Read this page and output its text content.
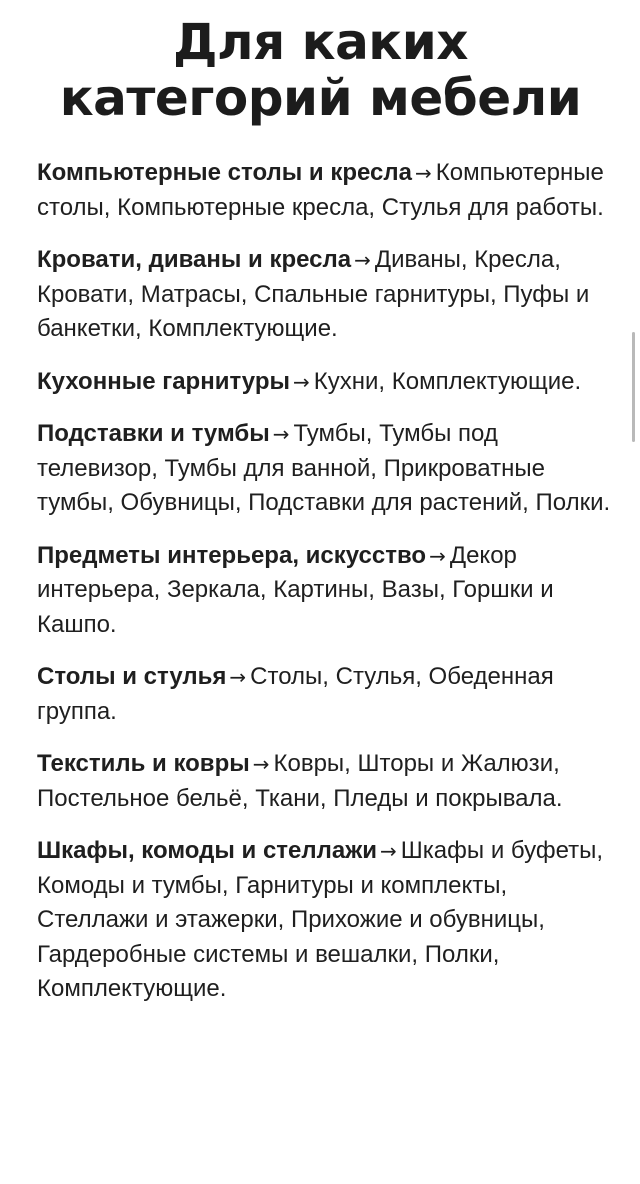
Для каких
категорий мебели
Компьютерные столы и кресла → Компьютерные столы, Компьютерные кресла, Стулья для работы.
Кровати, диваны и кресла → Диваны, Кресла, Кровати, Матрасы, Спальные гарнитуры, Пуфы и банкетки, Комплектующие.
Кухонные гарнитуры → Кухни, Комплектующие.
Подставки и тумбы → Тумбы, Тумбы под телевизор, Тумбы для ванной, Прикроватные тумбы, Обувницы, Подставки для растений, Полки.
Предметы интерьера, искусство → Декор интерьера, Зеркала, Картины, Вазы, Горшки и Кашпо.
Столы и стулья → Столы, Стулья, Обеденная группа.
Текстиль и ковры → Ковры, Шторы и Жалюзи, Постельное бельё, Ткани, Пледы и покрывала.
Шкафы, комоды и стеллажи → Шкафы и буфеты, Комоды и тумбы, Гарнитуры и комплекты, Стеллажи и этажерки, Прихожие и обувницы, Гардеробные системы и вешалки, Полки, Комплектующие.
